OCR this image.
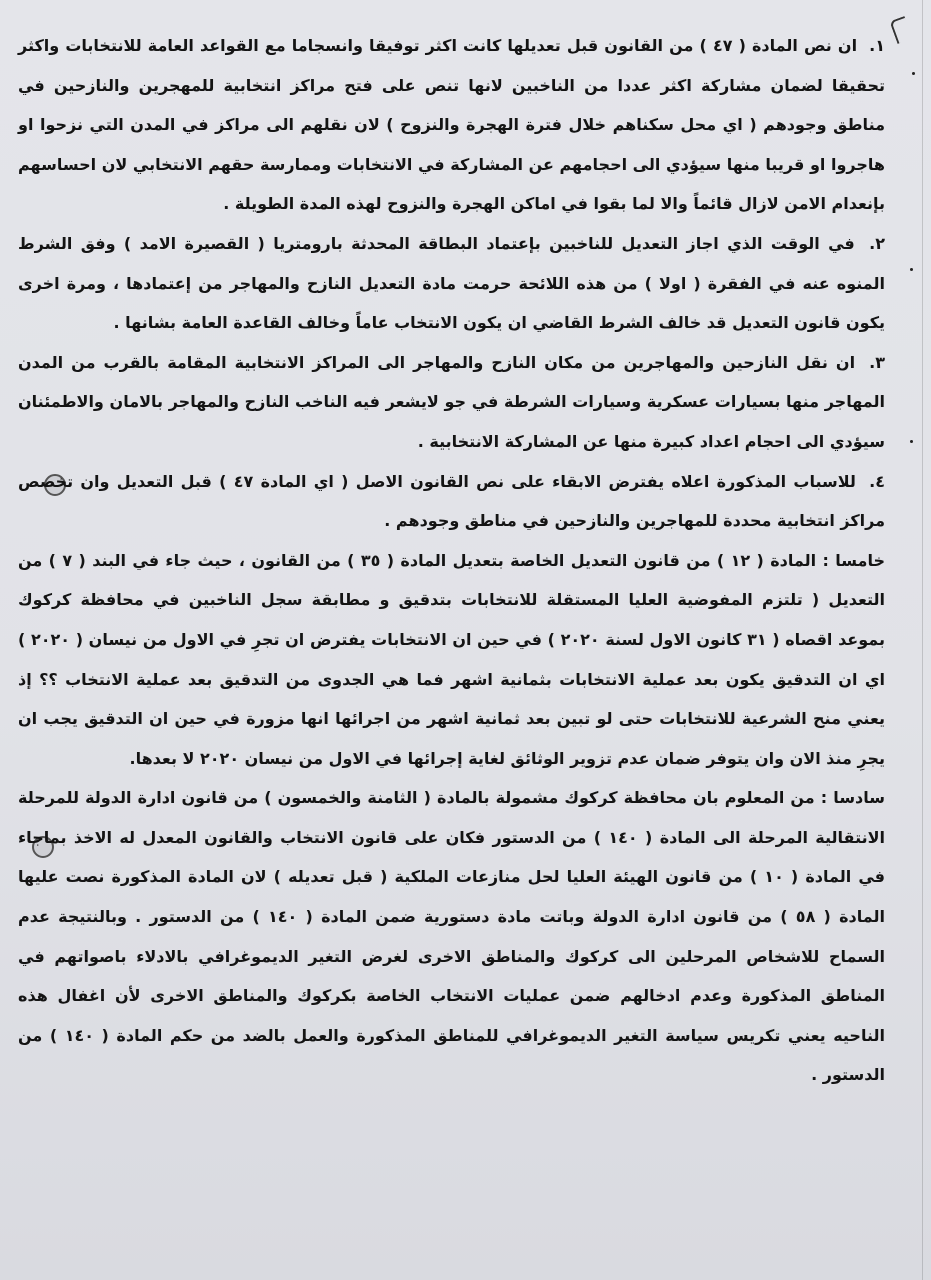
١. ان نص المادة ( ٤٧ ) من القانون قبل تعديلها كانت اكثر توفيقا وانسجاما مع القواعد العامة للانتخابات واكثر تحقيقا لضمان مشاركة اكثر عددا من الناخبين لانها تنص على فتح مراكز انتخابية للمهجرين والنازحين في مناطق وجودهم ( اي محل سكناهم خلال فترة الهجرة والنزوح ) لان نقلهم الى مراكز في المدن التي نزحوا او هاجروا او قريبا منها سيؤدي الى احجامهم عن المشاركة في الانتخابات وممارسة حقهم الانتخابي لان احساسهم بإنعدام الامن لازال قائماً والا لما بقوا في اماكن الهجرة والنزوح لهذه المدة الطويلة .

٢. في الوقت الذي اجاز التعديل للناخبين بإعتماد البطاقة المحدثة بارومتريا ( القصيرة الامد ) وفق الشرط المنوه عنه في الفقرة ( اولا ) من هذه اللائحة حرمت مادة التعديل النازح والمهاجر من إعتمادها ، ومرة اخرى يكون قانون التعديل قد خالف الشرط القاضي ان يكون الانتخاب عاماً وخالف القاعدة العامة بشانها .

٣. ان نقل النازحين والمهاجرين من مكان النازح والمهاجر الى المراكز الانتخابية المقامة بالقرب من المدن المهاجر منها بسيارات عسكرية وسيارات الشرطة في جو لايشعر فيه الناخب النازح والمهاجر بالامان والاطمئنان سيؤدي الى احجام اعداد كبيرة منها عن المشاركة الانتخابية .

٤. للاسباب المذكورة اعلاه يفترض الابقاء على نص القانون الاصل ( اي المادة ٤٧ ) قبل التعديل وان تخصص مراكز انتخابية محددة للمهاجرين والنازحين في مناطق وجودهم .

خامسا : المادة ( ١٢ ) من قانون التعديل الخاصة بتعديل المادة ( ٣٥ ) من القانون ، حيث جاء في البند ( ٧ ) من التعديل ( تلتزم المفوضية العليا المستقلة للانتخابات بتدقيق و مطابقة سجل الناخبين في محافظة كركوك بموعد اقصاه ( ٣١ كانون الاول لسنة ٢٠٢٠ ) في حين ان الانتخابات يفترض ان تجرِ في الاول من نيسان ( ٢٠٢٠ ) اي ان التدقيق يكون بعد عملية الانتخابات بثمانية اشهر فما هي الجدوى من التدقيق بعد عملية الانتخاب ؟؟ إذ يعني منح الشرعية للانتخابات حتى لو تبين بعد ثمانية اشهر من اجرائها انها مزورة في حين ان التدقيق يجب ان يجرِ منذ الان وان يتوفر ضمان عدم تزوير الوثائق لغاية إجرائها في الاول من نيسان ٢٠٢٠ لا بعدها.

سادسا : من المعلوم بان محافظة كركوك مشمولة بالمادة ( الثامنة والخمسون ) من قانون ادارة الدولة للمرحلة الانتقالية المرحلة الى المادة ( ١٤٠ ) من الدستور فكان على قانون الانتخاب والقانون المعدل له الاخذ بماجاء في المادة ( ١٠ ) من قانون الهيئة العليا لحل منازعات الملكية ( قبل تعديله ) لان المادة المذكورة نصت عليها المادة ( ٥٨ ) من قانون ادارة الدولة وباتت مادة دستورية ضمن المادة ( ١٤٠ ) من الدستور . وبالنتيجة عدم السماح للاشخاص المرحلين الى كركوك والمناطق الاخرى لغرض التغير الديموغرافي بالادلاء باصواتهم في المناطق المذكورة وعدم ادخالهم ضمن عمليات الانتخاب الخاصة بكركوك والمناطق الاخرى لأن اغفال هذه الناحيه يعني تكريس سياسة التغير الديموغرافي للمناطق المذكورة والعمل بالضد من حكم المادة ( ١٤٠ ) من الدستور .
